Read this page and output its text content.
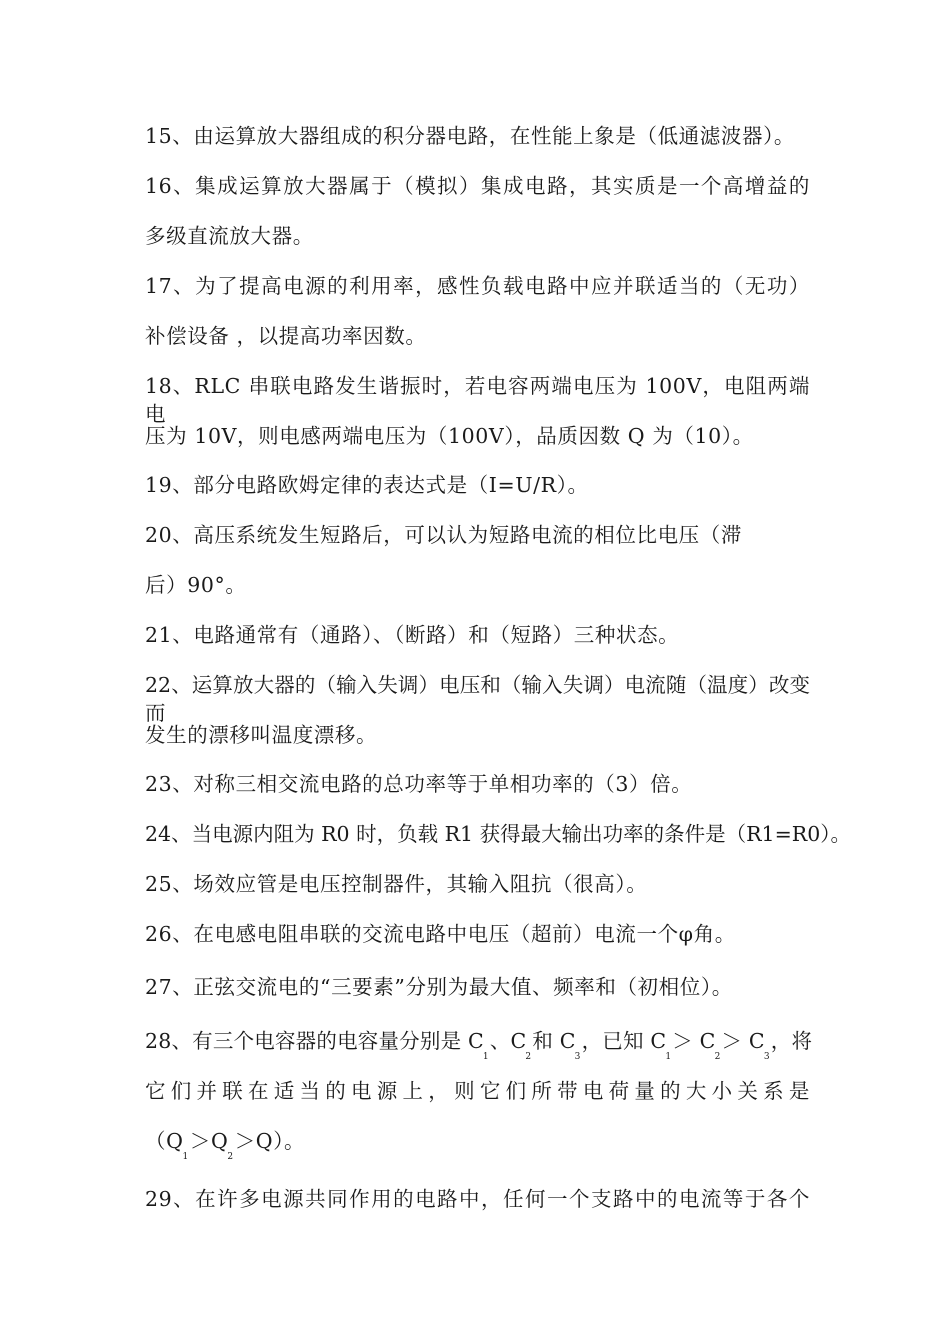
15、由运算放大器组成的积分器电路，在性能上象是（低通滤波器）。
16、集成运算放大器属于（模拟）集成电路，其实质是一个高增益的
多级直流放大器。
17、为了提高电源的利用率，感性负载电路中应并联适当的（无功）
补偿设备 ，以提高功率因数。
18、RLC 串联电路发生谐振时，若电容两端电压为 100V，电阻两端电
压为 10V，则电感两端电压为（100V），品质因数 Q 为（10）。
19、部分电路欧姆定律的表达式是（I=U/R）。
20、高压系统发生短路后，可以认为短路电流的相位比电压（滞
后）90°。
21、电路通常有（通路）、（断路）和（短路）三种状态。
22、运算放大器的（输入失调）电压和（输入失调）电流随（温度）改变而
发生的漂移叫温度漂移。
23、对称三相交流电路的总功率等于单相功率的（3）倍。
24、当电源内阻为 R0 时，负载 R1 获得最大输出功率的条件是（R1=R0）。
25、场效应管是电压控制器件，其输入阻抗（很高）。
26、在电感电阻串联的交流电路中电压（超前）电流一个φ角。
27、正弦交流电的“三要素”分别为最大值、频率和（初相位）。
28、有三个电容器的电容量分别是 C1、C2和 C3，已知 C1＞ C2＞ C3，将
它们并联在适当的电源上，则它们所带电荷量的大小关系是
（Q1＞Q2＞Q）。
29、在许多电源共同作用的电路中，任何一个支路中的电流等于各个
